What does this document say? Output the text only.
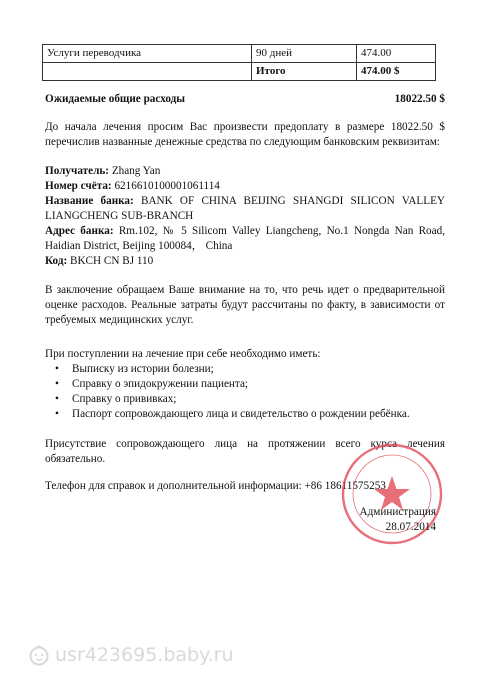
Услуги переводчика	90 дней	474.00
	Итого	474.00 $
Ожидаемые общие расходы	18022.50 $
До начала лечения просим Вас произвести предоплату в размере 18022.50 $ перечислив названные денежные средства по следующим банковским реквизитам:
Получатель: Zhang Yan
Номер счёта: 6216610100001061114
Название банка: BANK OF CHINA BEIJING SHANGDI SILICON VALLEY LIANGCHENG SUB-BRANCH
Адрес банка: Rm.102, № 5 Silicom Valley Liangcheng, No.1 Nongda Nan Road, Haidian District, Beijing 100084， China
Код: BKCH CN BJ 110
В заключение обращаем Ваше внимание на то, что речь идет о предварительной оценке расходов. Реальные затраты будут рассчитаны по факту, в зависимости от требуемых медицинских услуг.
При поступлении на лечение при себе необходимо иметь:
• Выписку из истории болезни;
• Справку о эпидокружении пациента;
• Справку о прививках;
• Паспорт сопровождающего лица и свидетельство о рождении ребёнка.
Присутствие сопровождающего лица на протяжении всего курса лечения обязательно.
Телефон для справок и дополнительной информации: +86 18611575253
Администрация
28.07.2014
usr423695.baby.ru
